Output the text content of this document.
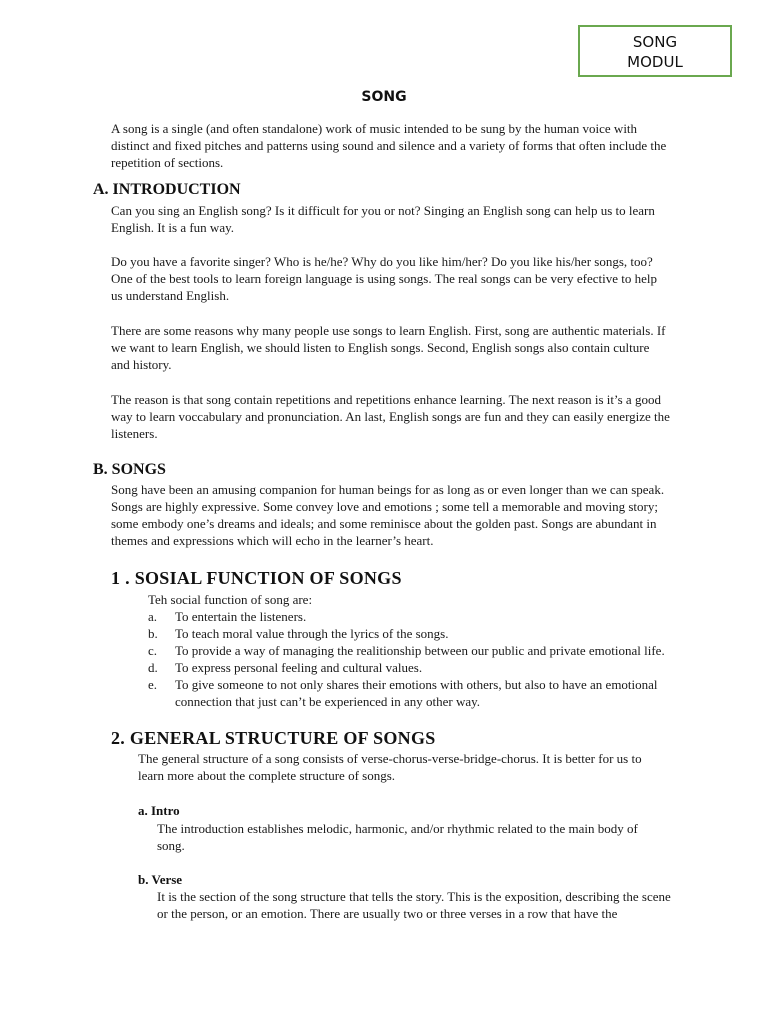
SONG
MODUL
SONG

A song is a single (and often standalone) work of music intended to be sung by the human voice with distinct and fixed pitches and patterns using sound and silence and a variety of forms that often include the repetition of sections.

A. INTRODUCTION

Can you sing an English song? Is it difficult for you or not? Singing an English song can help us to learn English. It is a fun way.

Do you have a favorite singer? Who is he/he? Why do you like him/her? Do you like his/her songs, too? One of the best tools to learn foreign language is using songs. The real songs can be very efective to help us understand English.

There are some reasons why many people use songs to learn English. First, song are authentic materials. If we want to learn English, we should listen to English songs. Second, English songs also contain culture and history.

The reason is that song contain repetitions and repetitions enhance learning. The next reason is it’s a good way to learn voccabulary and pronunciation. An last, English songs are fun and they can easily energize the listeners.

B. SONGS

Song have been an amusing companion for human beings for as long as or even longer than we can speak. Songs are highly expressive. Some convey love and emotions ; some tell a memorable and moving story; some embody one’s dreams and ideals; and some reminisce about the golden past. Songs are abundant in themes and expressions which will echo in the learner’s heart.

1 . SOSIAL FUNCTION OF SONGS

Teh social function of song are:

a. To entertain the listeners.
b. To teach moral value through the lyrics of the songs.
c. To provide a way of managing the realitionship between our public and private emotional life.
d. To express personal feeling and cultural values.
e. To give someone to not only shares their emotions with others, but also to have an emotional connection that just can’t be experienced in any other way.
2. GENERAL STRUCTURE OF SONGS

The general structure of a song consists of verse-chorus-verse-bridge-chorus. It is better for us to learn more about the complete structure of songs.

a. Intro

The introduction establishes melodic, harmonic, and/or rhythmic related to the main body of song.

b. Verse

It is the section of the song structure that tells the story. This is the exposition, describing the scene or the person, or an emotion. There are usually two or three verses in a row that have the
